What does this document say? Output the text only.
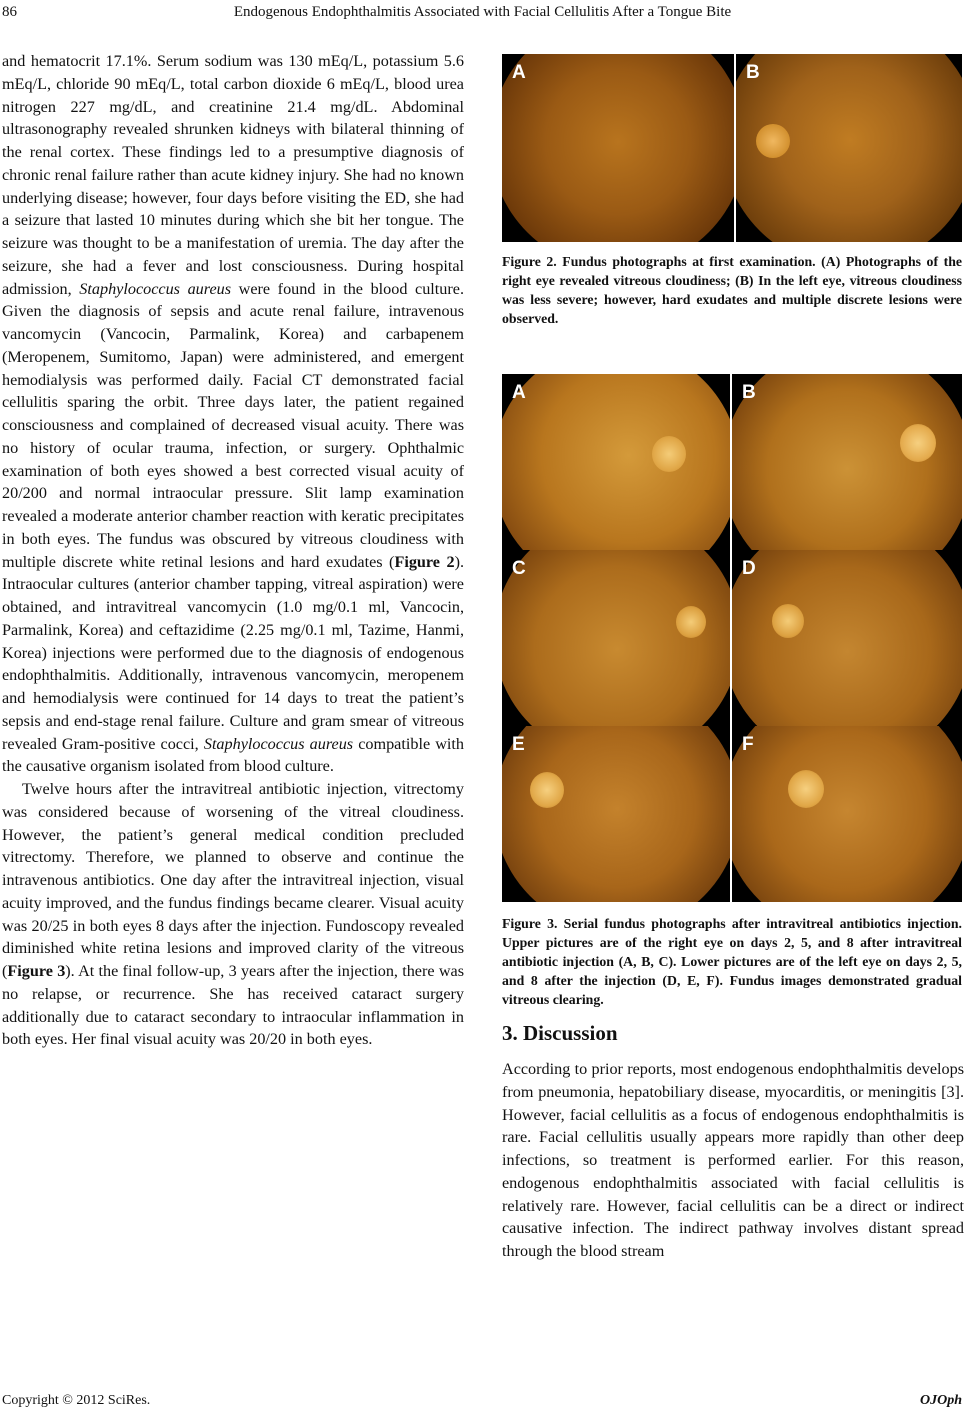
86	Endogenous Endophthalmitis Associated with Facial Cellulitis After a Tongue Bite

and hematocrit 17.1%. Serum sodium was 130 mEq/L, potassium 5.6 mEq/L, chloride 90 mEq/L, total carbon dioxide 6 mEq/L, blood urea nitrogen 227 mg/dL, and creatinine 21.4 mg/dL. Abdominal ultrasonography revealed shrunken kidneys with bilateral thinning of the renal cortex. These findings led to a presumptive diagnosis of chronic renal failure rather than acute kidney injury. She had no known underlying disease; however, four days before visiting the ED, she had a seizure that lasted 10 minutes during which she bit her tongue. The seizure was thought to be a manifestation of uremia. The day after the seizure, she had a fever and lost consciousness. During hospital admission, Staphylococcus aureus were found in the blood culture. Given the diagnosis of sepsis and acute renal failure, intravenous vancomycin (Vancocin, Parmalink, Korea) and carbapenem (Meropenem, Sumitomo, Japan) were administered, and emergent hemodialysis was performed daily. Facial CT demonstrated facial cellulitis sparing the orbit. Three days later, the patient regained consciousness and complained of decreased visual acuity. There was no history of ocular trauma, infection, or surgery. Ophthalmic examination of both eyes showed a best corrected visual acuity of 20/200 and normal intraocular pressure. Slit lamp examination revealed a moderate anterior chamber reaction with keratic precipitates in both eyes. The fundus was obscured by vitreous cloudiness with multiple discrete white retinal lesions and hard exudates (Figure 2). Intraocular cultures (anterior chamber tapping, vitreal aspiration) were obtained, and intravitreal vancomycin (1.0 mg/0.1 ml, Vancocin, Parmalink, Korea) and ceftazidime (2.25 mg/0.1 ml, Tazime, Hanmi, Korea) injections were performed due to the diagnosis of endogenous endophthalmitis. Additionally, intravenous vancomycin, meropenem and hemodialysis were continued for 14 days to treat the patient’s sepsis and end-stage renal failure. Culture and gram smear of vitreous revealed Gram-positive cocci, Staphylococcus aureus compatible with the causative organism isolated from blood culture.

Twelve hours after the intravitreal antibiotic injection, vitrectomy was considered because of worsening of the vitreal cloudiness. However, the patient’s general medical condition precluded vitrectomy. Therefore, we planned to observe and continue the intravenous antibiotics. One day after the intravitreal injection, visual acuity improved, and the fundus findings became clearer. Visual acuity was 20/25 in both eyes 8 days after the injection. Fundoscopy revealed diminished white retina lesions and improved clarity of the vitreous (Figure 3). At the final follow-up, 3 years after the injection, there was no relapse, or recurrence. She has received cataract surgery additionally due to cataract secondary to intraocular inflammation in both eyes. Her final visual acuity was 20/20 in both eyes.

A	B
Figure 2. Fundus photographs at first examination. (A) Photographs of the right eye revealed vitreous cloudiness; (B) In the left eye, vitreous cloudiness was less severe; however, hard exudates and multiple discrete lesions were observed.
A	B
C	D
E	F
Figure 3. Serial fundus photographs after intravitreal antibiotics injection. Upper pictures are of the right eye on days 2, 5, and 8 after intravitreal antibiotic injection (A, B, C). Lower pictures are of the left eye on days 2, 5, and 8 after the injection (D, E, F). Fundus images demonstrated gradual vitreous clearing.
3. Discussion
According to prior reports, most endogenous endophthalmitis develops from pneumonia, hepatobiliary disease, myocarditis, or meningitis [3]. However, facial cellulitis as a focus of endogenous endophthalmitis is rare. Facial cellulitis usually appears more rapidly than other deep infections, so treatment is performed earlier. For this reason, endogenous endophthalmitis associated with facial cellulitis is relatively rare. However, facial cellulitis can be a direct or indirect causative infection. The indirect pathway involves distant spread through the blood stream
Copyright © 2012 SciRes.	OJOph
